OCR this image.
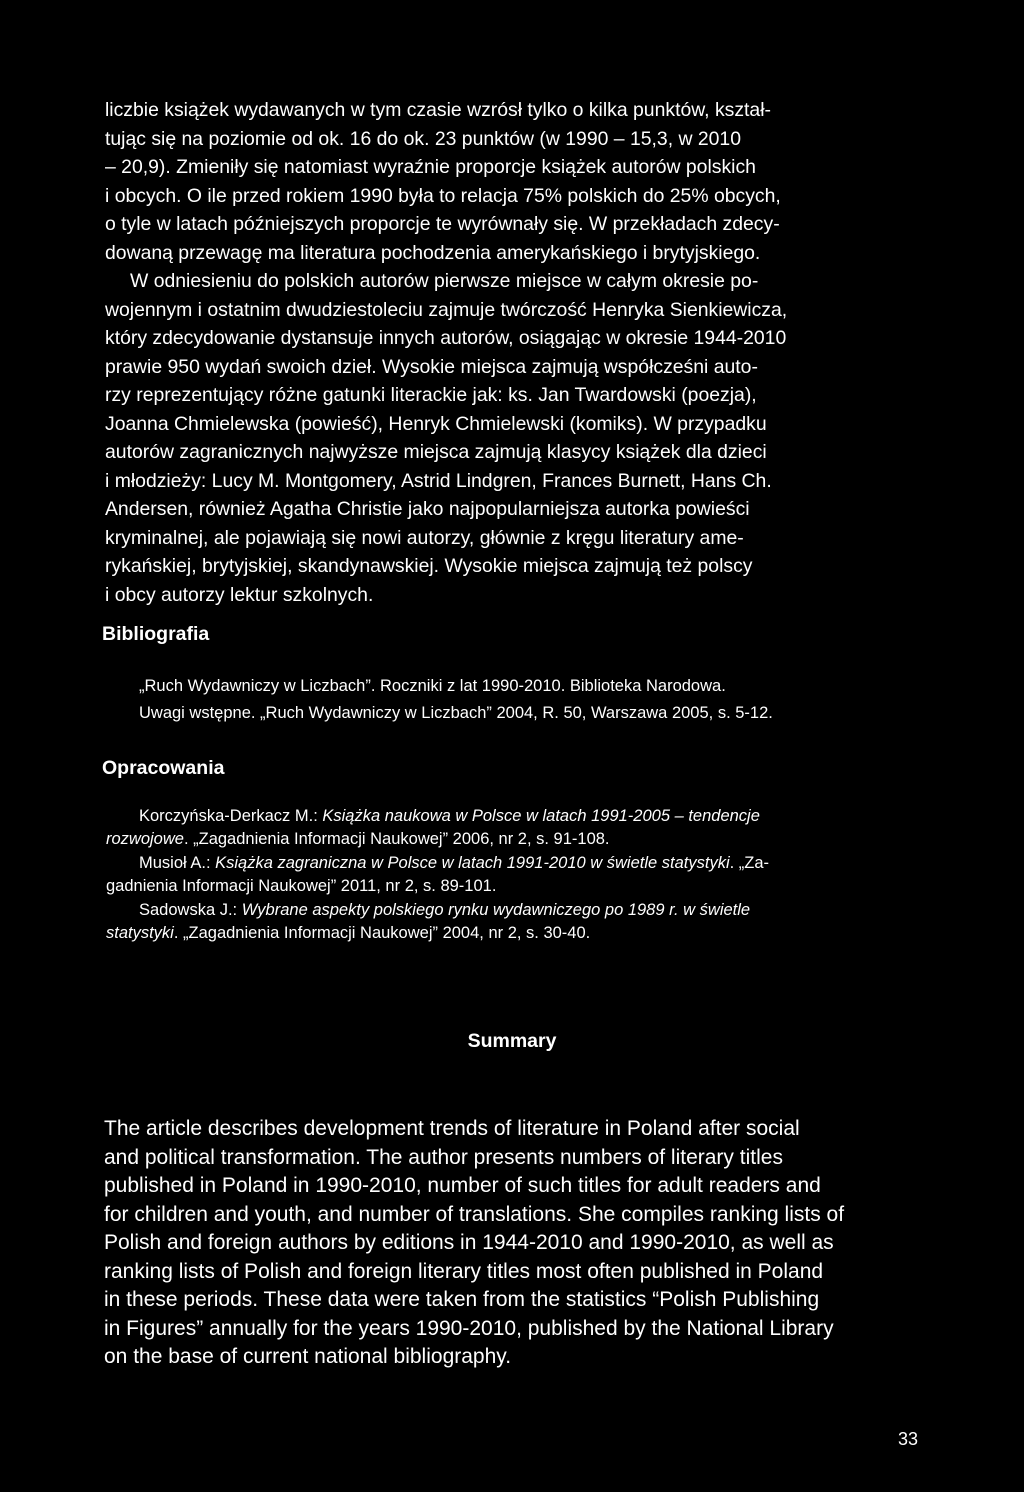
liczbie książek wydawanych w tym czasie wzrósł tylko o kilka punktów, kształ-

tując się na poziomie od ok. 16 do ok. 23 punktów (w 1990 – 15,3, w 2010

– 20,9). Zmieniły się natomiast wyraźnie proporcje książek autorów polskich

i obcych. O ile przed rokiem 1990 była to relacja 75% polskich do 25% obcych,

o tyle w latach późniejszych proporcje te wyrównały się. W przekładach zdecy-

dowaną przewagę ma literatura pochodzenia amerykańskiego i brytyjskiego.

W odniesieniu do polskich autorów pierwsze miejsce w całym okresie po-

wojennym i ostatnim dwudziestoleciu zajmuje twórczość Henryka Sienkiewicza,

który zdecydowanie dystansuje innych autorów, osiągając w okresie 1944-2010

prawie 950 wydań swoich dzieł. Wysokie miejsca zajmują współcześni auto-

rzy reprezentujący różne gatunki literackie jak: ks. Jan Twardowski (poezja),

Joanna Chmielewska (powieść), Henryk Chmielewski (komiks). W przypadku

autorów zagranicznych najwyższe miejsca zajmują klasycy książek dla dzieci

i młodzieży: Lucy M. Montgomery, Astrid Lindgren, Frances Burnett, Hans Ch.

Andersen, również Agatha Christie jako najpopularniejsza autorka powieści

kryminalnej, ale pojawiają się nowi autorzy, głównie z kręgu literatury ame-

rykańskiej, brytyjskiej, skandynawskiej. Wysokie miejsca zajmują też polscy

i obcy autorzy lektur szkolnych.

Bibliografia

„Ruch Wydawniczy w Liczbach”. Roczniki z lat 1990-2010. Biblioteka Narodowa.

Uwagi wstępne. „Ruch Wydawniczy w Liczbach” 2004, R. 50, Warszawa 2005, s. 5-12.

Opracowania

Korczyńska-Derkacz M.: Książka naukowa w Polsce w latach 1991-2005 – tendencje

rozwojowe. „Zagadnienia Informacji Naukowej” 2006, nr 2, s. 91-108.

Musioł A.: Książka zagraniczna w Polsce w latach 1991-2010 w świetle statystyki. „Za-

gadnienia Informacji Naukowej” 2011, nr 2, s. 89-101.

Sadowska J.: Wybrane aspekty polskiego rynku wydawniczego po 1989 r. w świetle

statystyki. „Zagadnienia Informacji Naukowej” 2004, nr 2, s. 30-40.

Summary

The article describes development trends of literature in Poland after social

and political transformation. The author presents numbers of literary titles

published in Poland in 1990-2010, number of such titles for adult readers and

for children and youth, and number of translations. She compiles ranking lists of

Polish and foreign authors by editions in 1944-2010 and 1990-2010, as well as

ranking lists of Polish and foreign literary titles most often published in Poland

in these periods. These data were taken from the statistics “Polish Publishing

in Figures” annually for the years 1990-2010, published by the National Library

on the base of current national bibliography.

33
